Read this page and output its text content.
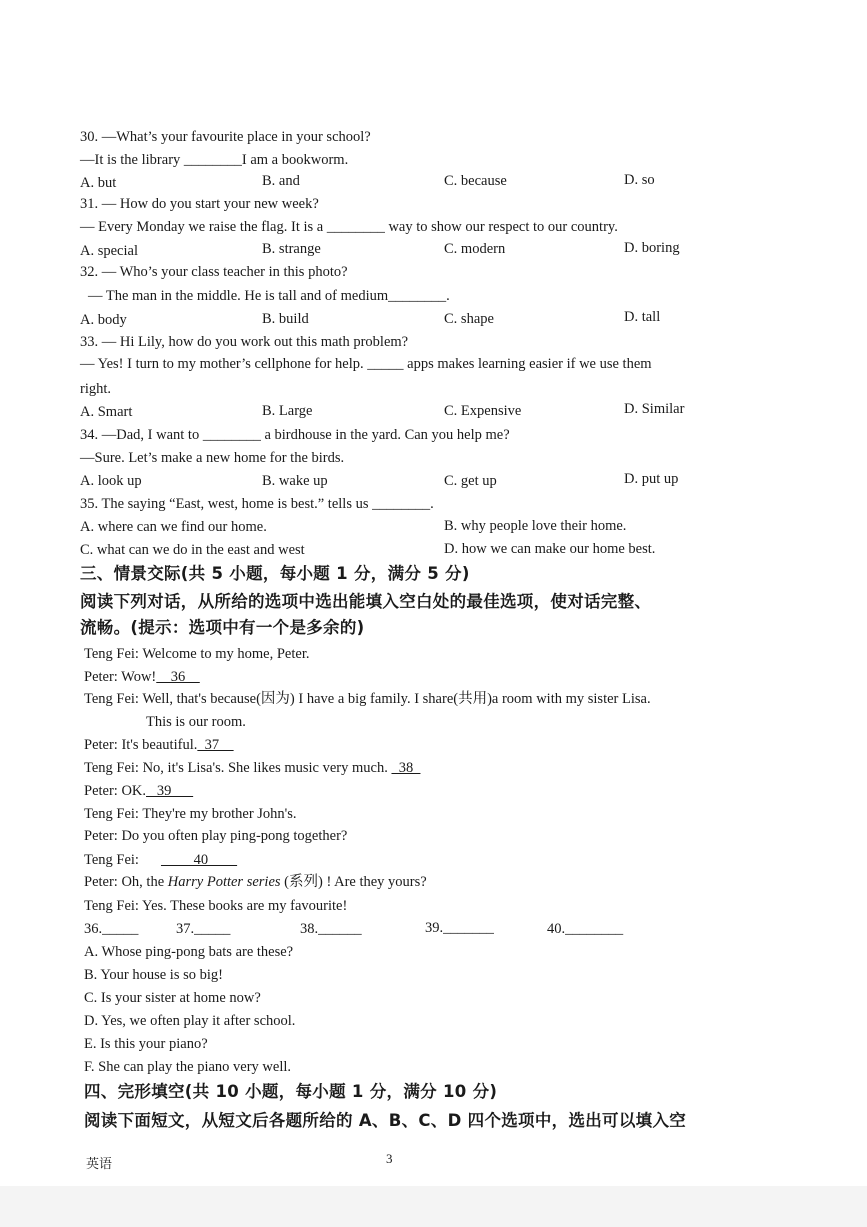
30. —What’s your favourite place in your school?
—It is the library ________I am a bookworm.
A. but	B. and	C. because	D. so
31. — How do you start your new week?
— Every Monday we raise the flag. It is a ________ way to show our respect to our country.
A. special	B. strange	C. modern	D. boring
32. — Who’s your class teacher in this photo?
— The man in the middle. He is tall and of medium________.
A. body	B. build	C. shape	D. tall
33. — Hi Lily, how do you work out this math problem?
— Yes! I turn to my mother’s cellphone for help. _____ apps makes learning easier if we use them
right.
A. Smart	B. Large	C. Expensive	D. Similar
34. —Dad, I want to ________ a birdhouse in the yard. Can you help me?
—Sure. Let’s make a new home for the birds.
A. look up	B. wake up	C. get up	D. put up
35. The saying “East, west, home is best.” tells us ________.
A. where can we find our home.	B. why people love their home.
C. what can we do in the east and west	D. how we can make our home best.
三、情景交际(共 5 小题，每小题 1 分，满分 5 分)
阅读下列对话，从所给的选项中选出能填入空白处的最佳选项，使对话完整、
流畅。(提示：选项中有一个是多余的)
Teng Fei: Welcome to my home, Peter.
Peter: Wow!    36
Teng Fei: Well, that's because(因为) I have a big family. I share(共用)a room with my sister Lisa.
This is our room.
Peter: It's beautiful.  37
Teng Fei: No, it's Lisa's. She likes music very much.   38
Peter: OK.   39
Teng Fei: They're my brother John's.
Peter: Do you often play ping-pong together?
Teng Fei:         40
Peter: Oh, the Harry Potter series (系列) ! Are they yours?
Teng Fei: Yes. These books are my favourite!
36._____	37._____	38.______	39._______	40.________
A. Whose ping-pong bats are these?
B. Your house is so big!
C. Is your sister at home now?
D. Yes, we often play it after school.
E. Is this your piano?
F. She can play the piano very well.
四、完形填空(共 10 小题，每小题 1 分，满分 10 分)
阅读下面短文，从短文后各题所给的 A、B、C、D 四个选项中，选出可以填入空
英语	3
